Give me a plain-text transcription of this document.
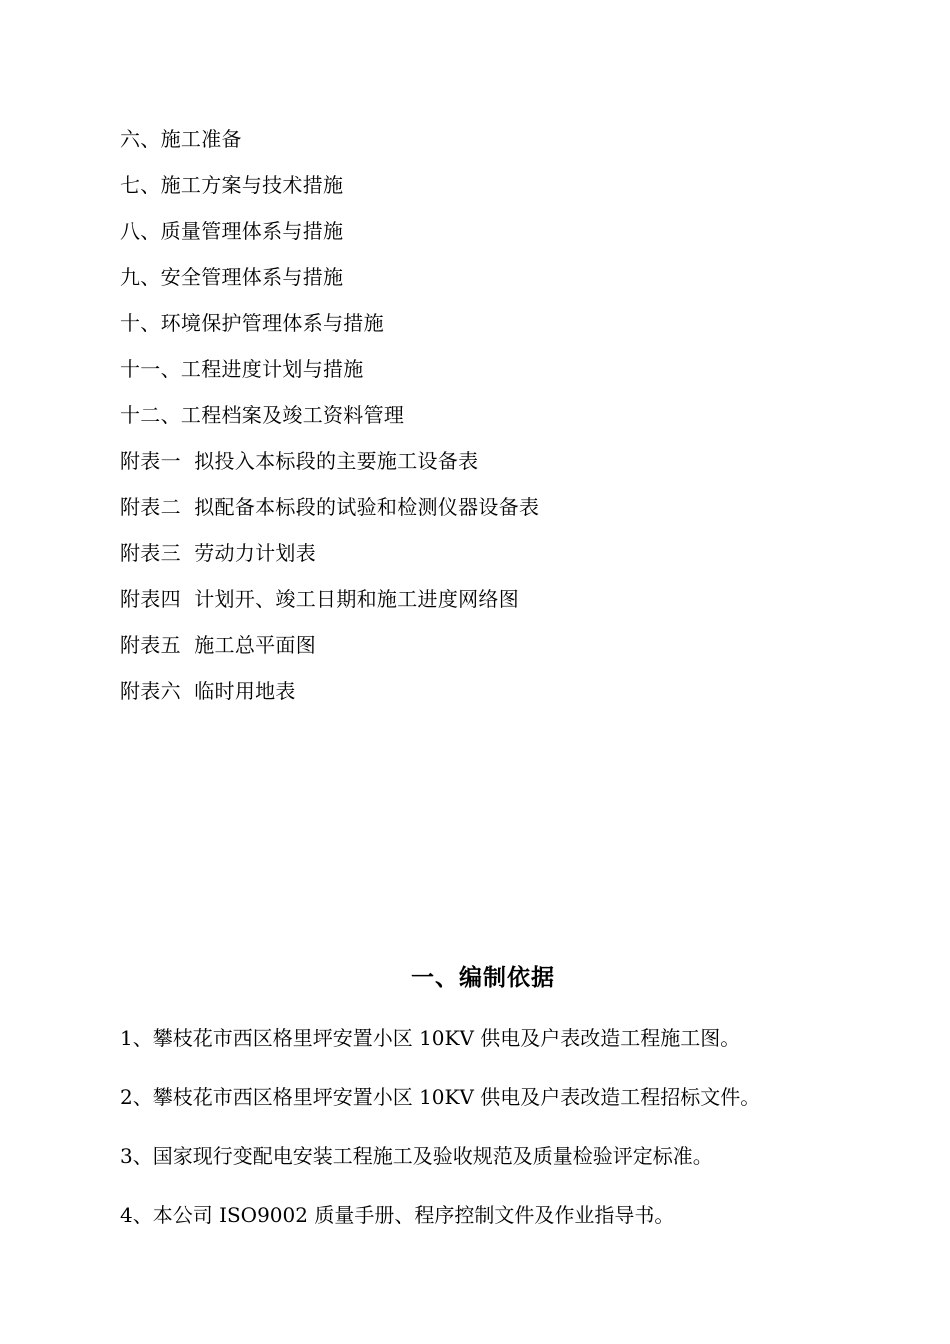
六、施工准备
七、施工方案与技术措施
八、质量管理体系与措施
九、安全管理体系与措施
十、环境保护管理体系与措施
十一、工程进度计划与措施
十二、工程档案及竣工资料管理
附表一  拟投入本标段的主要施工设备表
附表二  拟配备本标段的试验和检测仪器设备表
附表三  劳动力计划表
附表四  计划开、竣工日期和施工进度网络图
附表五  施工总平面图
附表六  临时用地表
一、编制依据
1、攀枝花市西区格里坪安置小区 10KV 供电及户表改造工程施工图。
2、攀枝花市西区格里坪安置小区 10KV 供电及户表改造工程招标文件。
3、国家现行变配电安装工程施工及验收规范及质量检验评定标准。
4、本公司 ISO9002 质量手册、程序控制文件及作业指导书。
